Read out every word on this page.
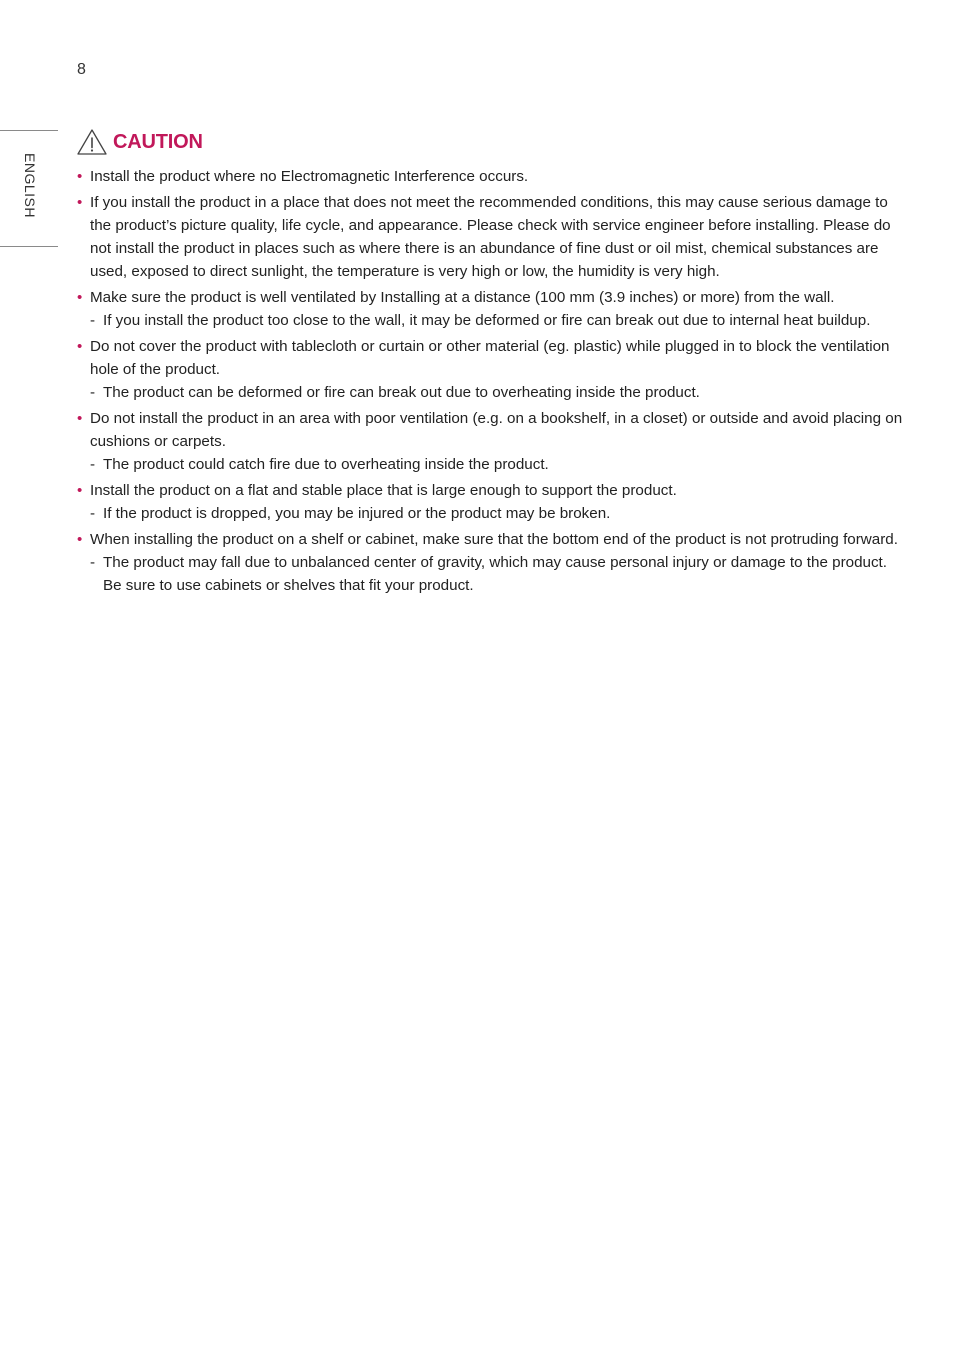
8
ENGLISH
CAUTION
• Install the product where no Electromagnetic Interference occurs.
• If you install the product in a place that does not meet the recommended conditions, this may cause serious damage to the product’s picture quality, life cycle, and appearance. Please check with service engineer before installing. Please do not install the product in places such as where there is an abundance of fine dust or oil mist, chemical substances are used, exposed to direct sunlight, the temperature is very high or low, the humidity is very high.
• Make sure the product is well ventilated by Installing at a distance (100 mm (3.9 inches) or more) from the wall.
- If you install the product too close to the wall, it may be deformed or fire can break out due to internal heat buildup.
• Do not cover the product with tablecloth or curtain or other material (eg. plastic) while plugged in to block the ventilation hole of the product.
- The product can be deformed or fire can break out due to overheating inside the product.
• Do not install the product in an area with poor ventilation (e.g. on a bookshelf, in a closet) or outside and avoid placing on cushions or carpets.
- The product could catch fire due to overheating inside the product.
• Install the product on a flat and stable place that is large enough to support the product.
- If the product is dropped, you may be injured or the product may be broken.
• When installing the product on a shelf or cabinet, make sure that the bottom end of the product is not protruding forward.
- The product may fall due to unbalanced center of gravity, which may cause personal injury or damage to the product. Be sure to use cabinets or shelves that fit your product.
